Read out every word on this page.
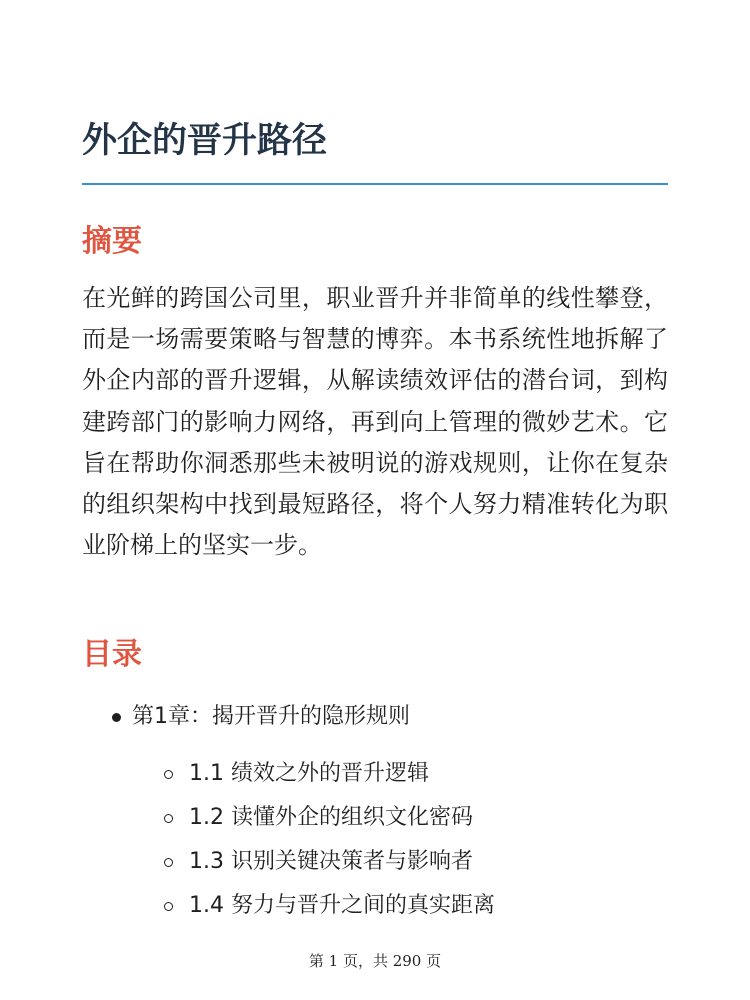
外企的晋升路径
摘要

在光鲜的跨国公司里，职业晋升并非简单的线性攀登，而是一场需要策略与智慧的博弈。本书系统性地拆解了外企内部的晋升逻辑，从解读绩效评估的潜台词，到构建跨部门的影响力网络，再到向上管理的微妙艺术。它旨在帮助你洞悉那些未被明说的游戏规则，让你在复杂的组织架构中找到最短路径，将个人努力精准转化为职业阶梯上的坚实一步。

目录
第1章：揭开晋升的隐形规则
1.1 绩效之外的晋升逻辑
1.2 读懂外企的组织文化密码
1.3 识别关键决策者与影响者
1.4 努力与晋升之间的真实距离
第 1 页，共 290 页
